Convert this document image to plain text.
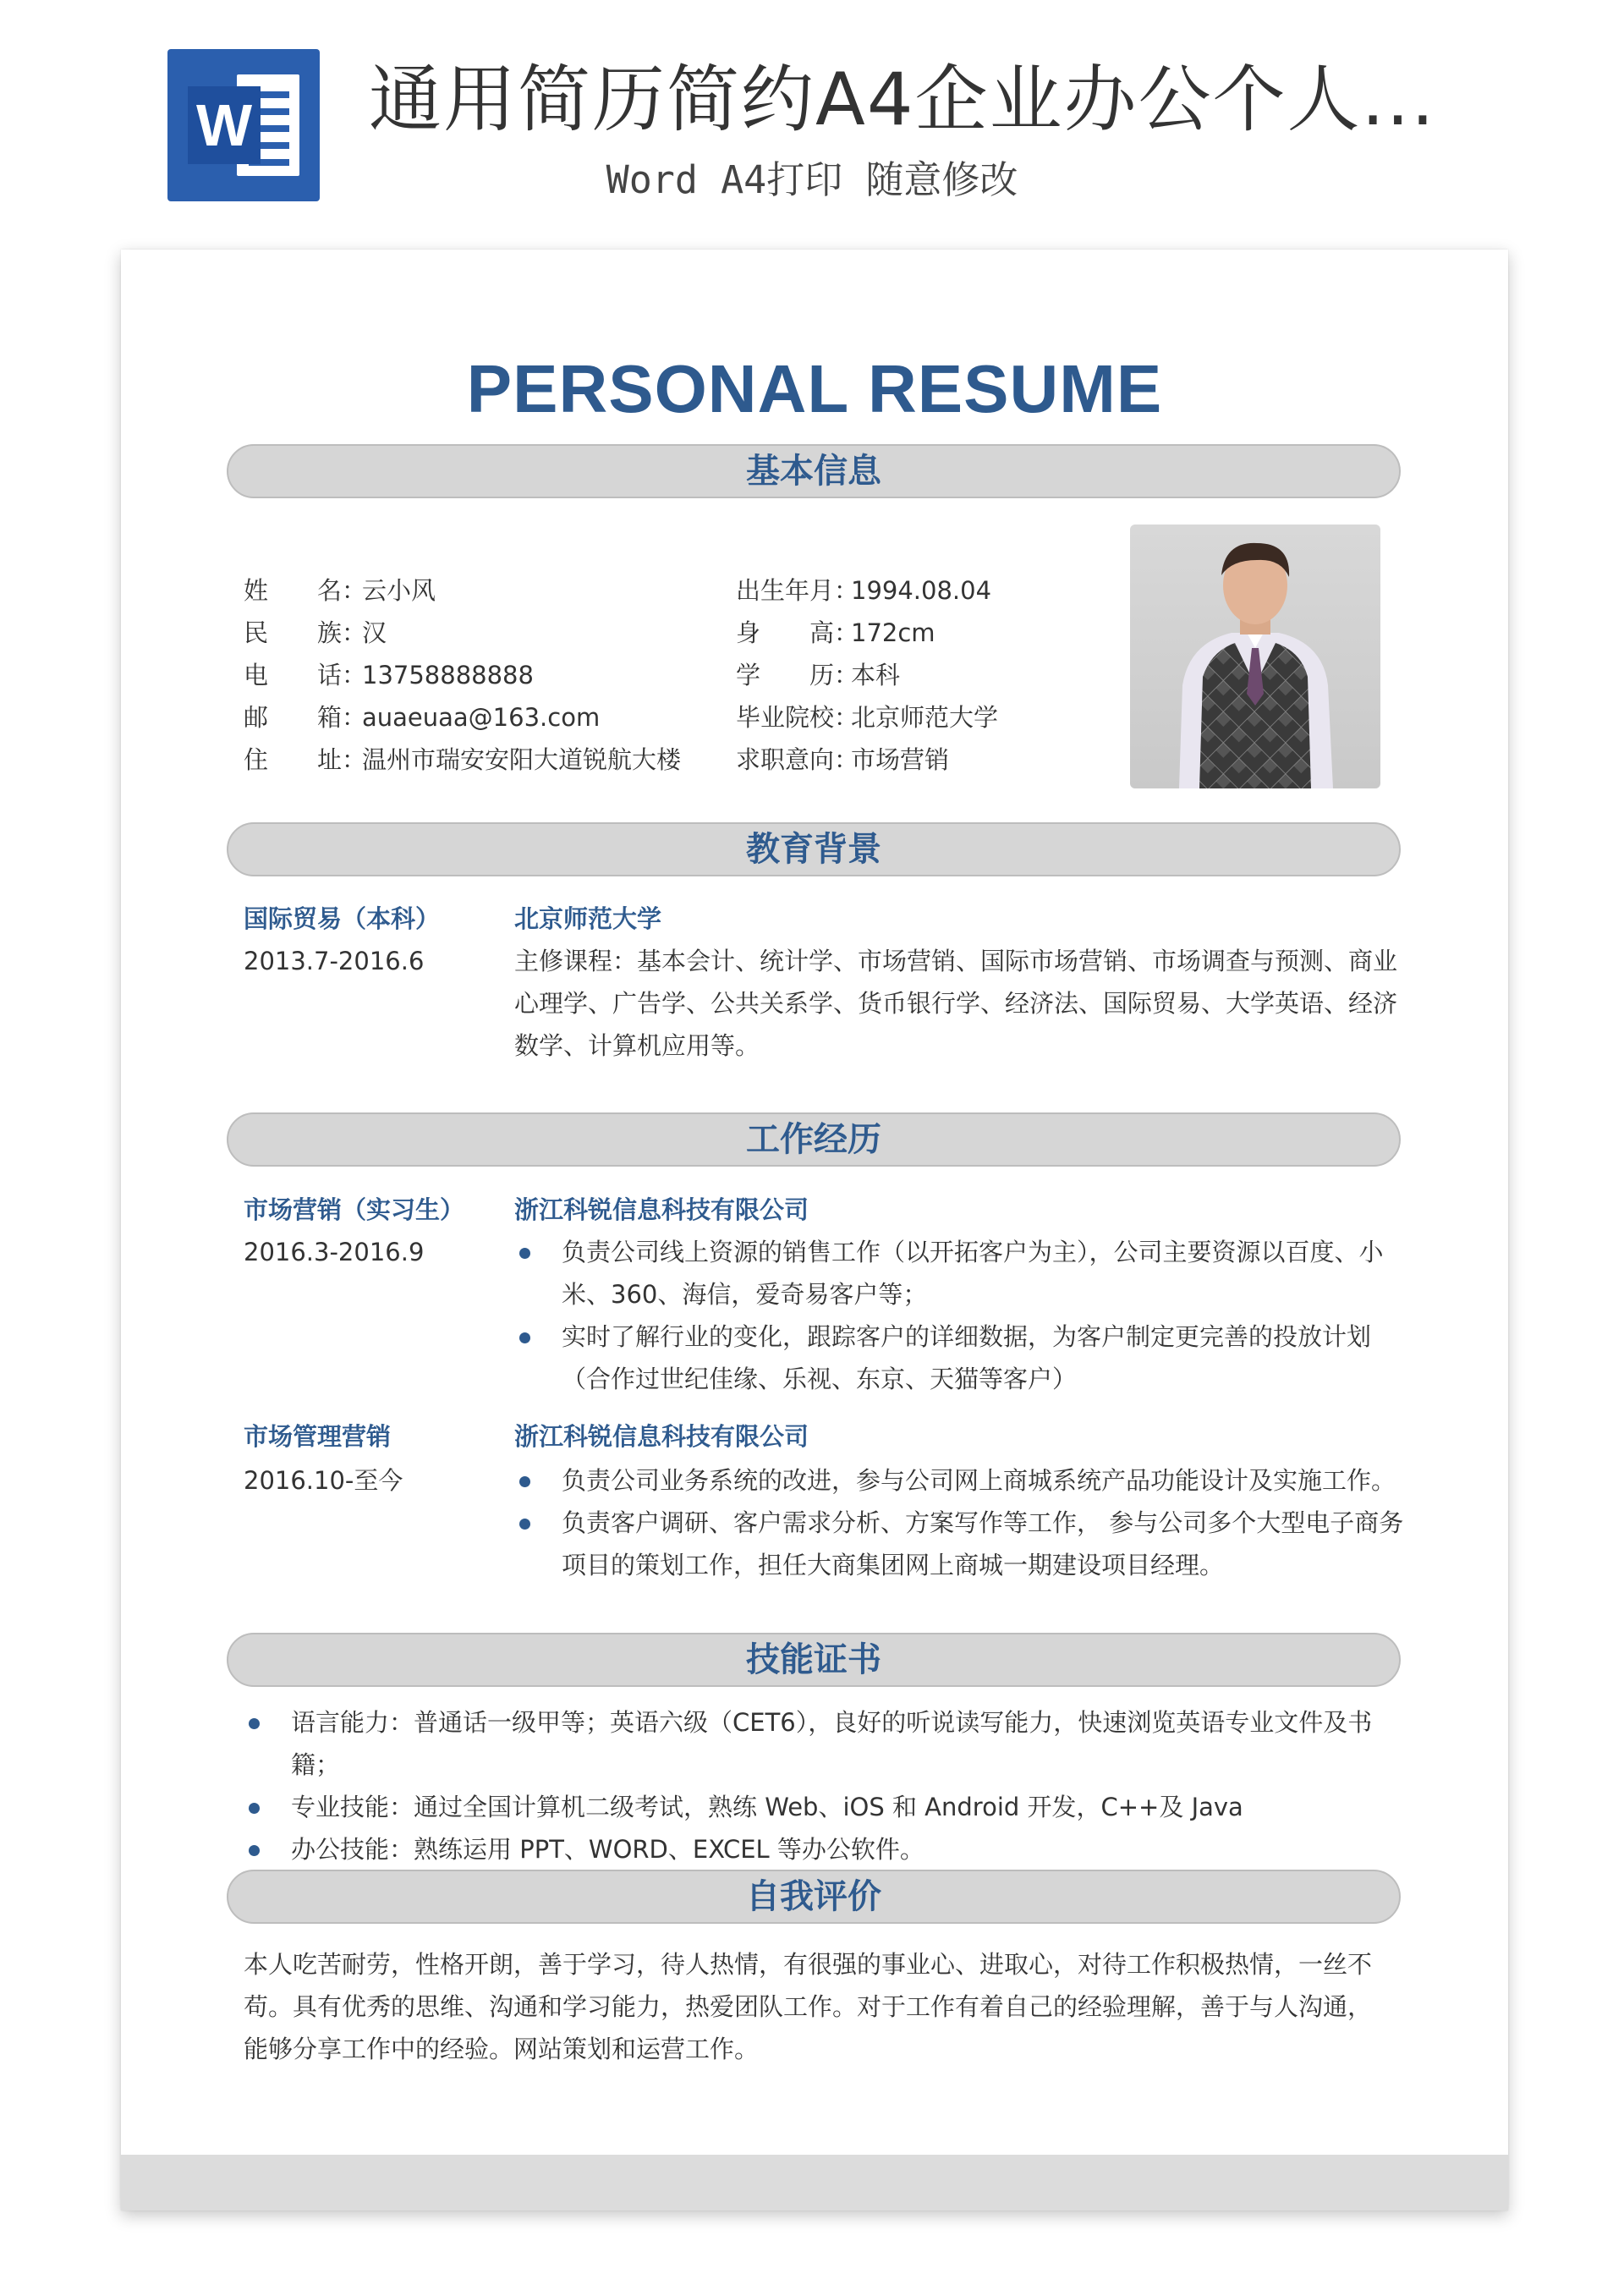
W 通用简历简约A4企业办公个人...
Word A4打印 随意修改
PERSONAL RESUME
基本信息
姓　　名：云小风
民　　族：汉
电　　话：13758888888
邮　　箱：auaeuaa@163.com
住　　址：温州市瑞安安阳大道锐航大楼
出生年月：1994.08.04
身　　高：172cm
学　　历：本科
毕业院校：北京师范大学
求职意向：市场营销
教育背景
国际贸易（本科）
2013.7-2016.6
北京师范大学
主修课程：基本会计、统计学、市场营销、国际市场营销、市场调查与预测、商业心理学、广告学、公共关系学、货币银行学、经济法、国际贸易、大学英语、经济数学、计算机应用等。
工作经历
市场营销（实习生）
2016.3-2016.9
浙江科锐信息科技有限公司
负责公司线上资源的销售工作（以开拓客户为主），公司主要资源以百度、小米、360、海信，爱奇易客户等；
实时了解行业的变化，跟踪客户的详细数据，为客户制定更完善的投放计划（合作过世纪佳缘、乐视、东京、天猫等客户）
市场管理营销
2016.10-至今
浙江科锐信息科技有限公司
负责公司业务系统的改进，参与公司网上商城系统产品功能设计及实施工作。
负责客户调研、客户需求分析、方案写作等工作， 参与公司多个大型电子商务项目的策划工作，担任大商集团网上商城一期建设项目经理。
技能证书
语言能力：普通话一级甲等；英语六级（CET6），良好的听说读写能力，快速浏览英语专业文件及书籍；
专业技能：通过全国计算机二级考试，熟练 Web、iOS 和 Android 开发，C++及 Java
办公技能：熟练运用 PPT、WORD、EXCEL 等办公软件。
自我评价
本人吃苦耐劳，性格开朗，善于学习，待人热情，有很强的事业心、进取心，对待工作积极热情，一丝不苟。具有优秀的思维、沟通和学习能力，热爱团队工作。对于工作有着自己的经验理解，善于与人沟通，能够分享工作中的经验。网站策划和运营工作。
